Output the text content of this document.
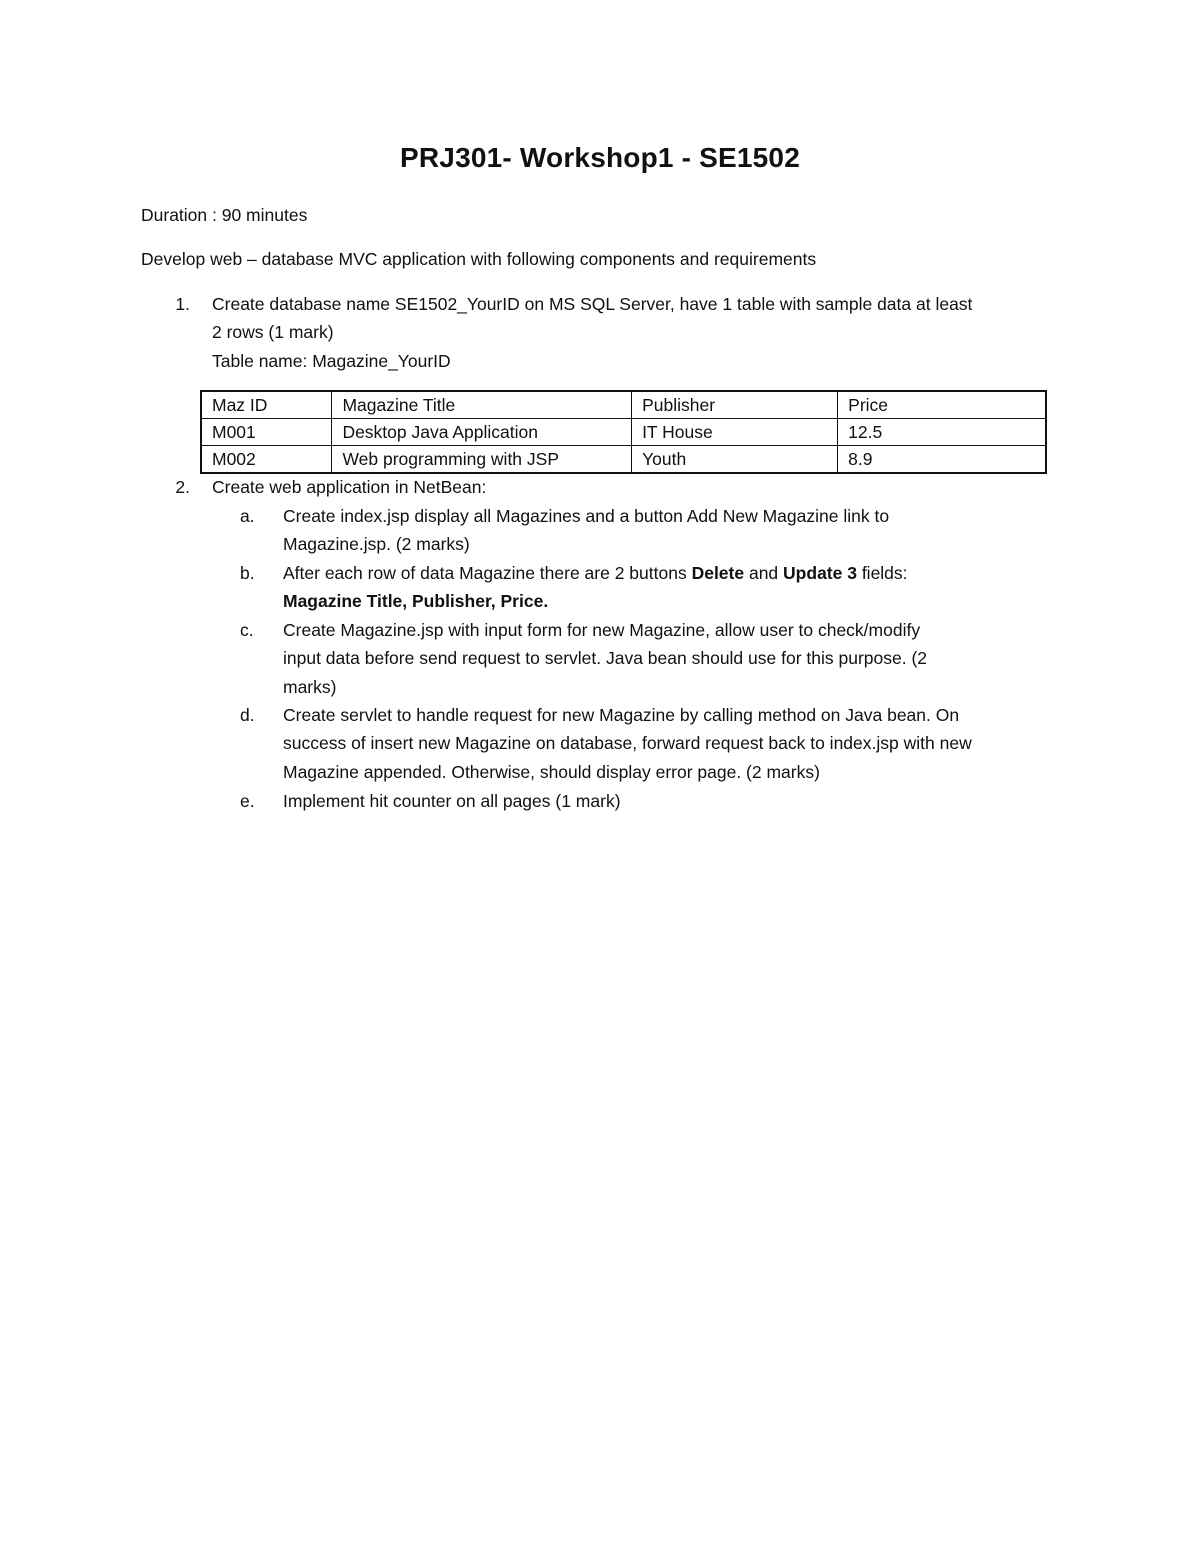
PRJ301- Workshop1 - SE1502
Duration : 90 minutes
Develop web – database MVC application with following components and requirements
1. Create database name SE1502_YourID on MS SQL Server, have 1 table with sample data at least
2 rows (1 mark)
Table name: Magazine_YourID
Maz ID	Magazine Title	Publisher	Price
M001	Desktop Java Application	IT House	12.5
M002	Web programming with JSP	Youth	8.9
2. Create web application in NetBean:
a.	Create index.jsp display all Magazines and a button Add New Magazine link to
Magazine.jsp. (2 marks)
b.	After each row of data Magazine there are 2 buttons Delete and Update 3 fields:
Magazine Title, Publisher, Price.
c.	Create Magazine.jsp with input form for new Magazine, allow user to check/modify
input data before send request to servlet. Java bean should use for this purpose. (2
marks)
d.	Create servlet to handle request for new Magazine by calling method on Java bean. On
success of insert new Magazine on database, forward request back to index.jsp with new
Magazine appended. Otherwise, should display error page. (2 marks)
e.	Implement hit counter on all pages (1 mark)
